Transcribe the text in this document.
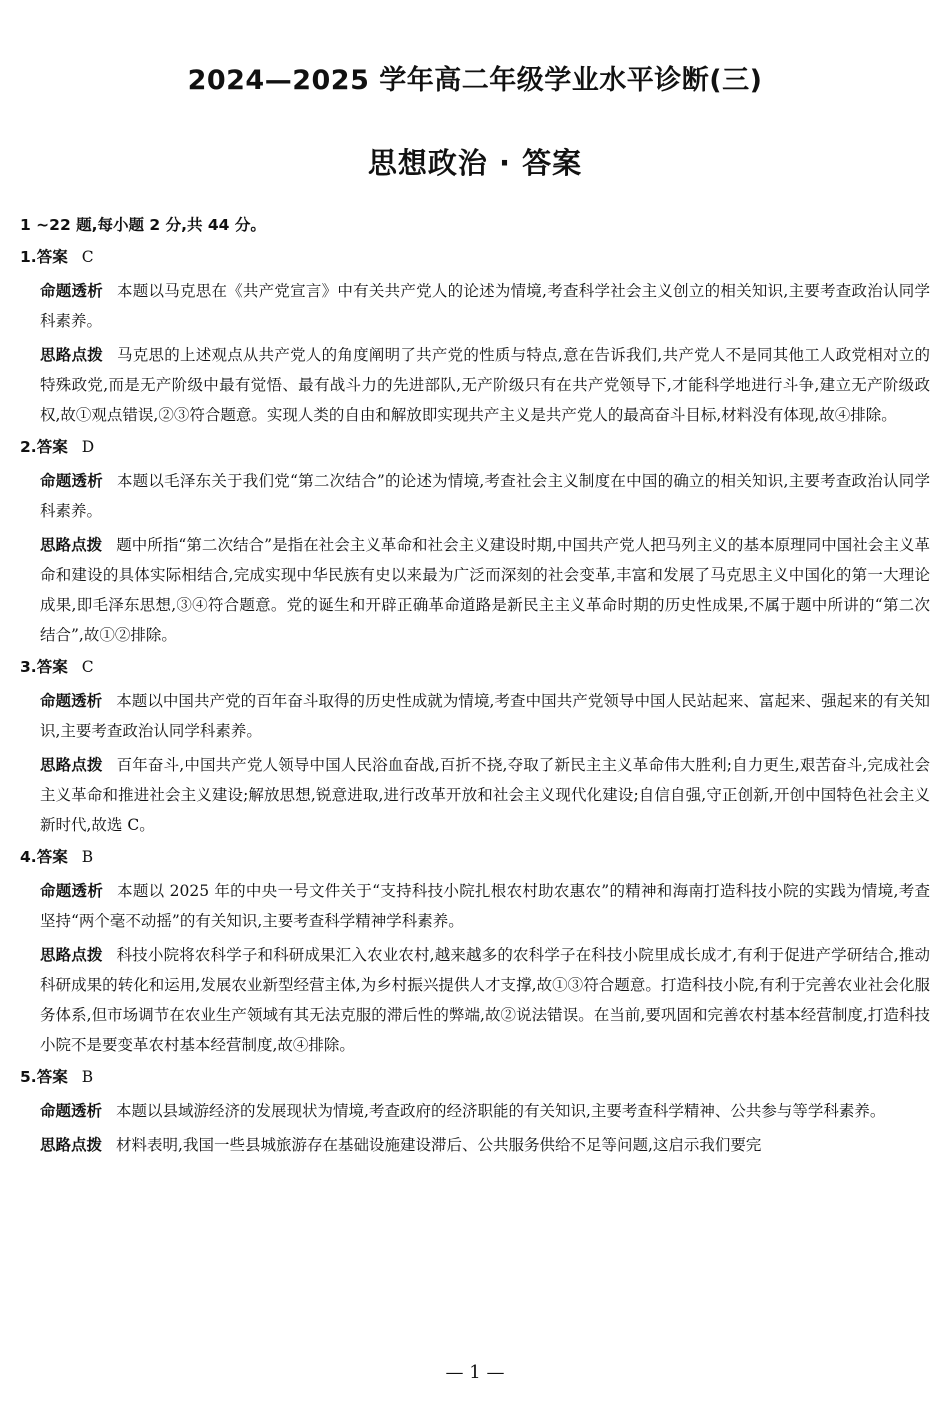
2024—2025 学年高二年级学业水平诊断(三)
思想政治 · 答案
1 ~22 题,每小题 2 分,共 44 分。
1.答案 C
命题透析 本题以马克思在《共产党宣言》中有关共产党人的论述为情境,考查科学社会主义创立的相关知识,主要考查政治认同学科素养。
思路点拨 马克思的上述观点从共产党人的角度阐明了共产党的性质与特点,意在告诉我们,共产党人不是同其他工人政党相对立的特殊政党,而是无产阶级中最有觉悟、最有战斗力的先进部队,无产阶级只有在共产党领导下,才能科学地进行斗争,建立无产阶级政权,故①观点错误,②③符合题意。实现人类的自由和解放即实现共产主义是共产党人的最高奋斗目标,材料没有体现,故④排除。
2.答案 D
命题透析 本题以毛泽东关于我们党“第二次结合”的论述为情境,考查社会主义制度在中国的确立的相关知识,主要考查政治认同学科素养。
思路点拨 题中所指“第二次结合”是指在社会主义革命和社会主义建设时期,中国共产党人把马列主义的基本原理同中国社会主义革命和建设的具体实际相结合,完成实现中华民族有史以来最为广泛而深刻的社会变革,丰富和发展了马克思主义中国化的第一大理论成果,即毛泽东思想,③④符合题意。党的诞生和开辟正确革命道路是新民主主义革命时期的历史性成果,不属于题中所讲的“第二次结合”,故①②排除。
3.答案 C
命题透析 本题以中国共产党的百年奋斗取得的历史性成就为情境,考查中国共产党领导中国人民站起来、富起来、强起来的有关知识,主要考查政治认同学科素养。
思路点拨 百年奋斗,中国共产党人领导中国人民浴血奋战,百折不挠,夺取了新民主主义革命伟大胜利;自力更生,艰苦奋斗,完成社会主义革命和推进社会主义建设;解放思想,锐意进取,进行改革开放和社会主义现代化建设;自信自强,守正创新,开创中国特色社会主义新时代,故选 C。
4.答案 B
命题透析 本题以 2025 年的中央一号文件关于“支持科技小院扎根农村助农惠农”的精神和海南打造科技小院的实践为情境,考查坚持“两个毫不动摇”的有关知识,主要考查科学精神学科素养。
思路点拨 科技小院将农科学子和科研成果汇入农业农村,越来越多的农科学子在科技小院里成长成才,有利于促进产学研结合,推动科研成果的转化和运用,发展农业新型经营主体,为乡村振兴提供人才支撑,故①③符合题意。打造科技小院,有利于完善农业社会化服务体系,但市场调节在农业生产领域有其无法克服的滞后性的弊端,故②说法错误。在当前,要巩固和完善农村基本经营制度,打造科技小院不是要变革农村基本经营制度,故④排除。
5.答案 B
命题透析 本题以县域游经济的发展现状为情境,考查政府的经济职能的有关知识,主要考查科学精神、公共参与等学科素养。
思路点拨 材料表明,我国一些县城旅游存在基础设施建设滞后、公共服务供给不足等问题,这启示我们要完
— 1 —
